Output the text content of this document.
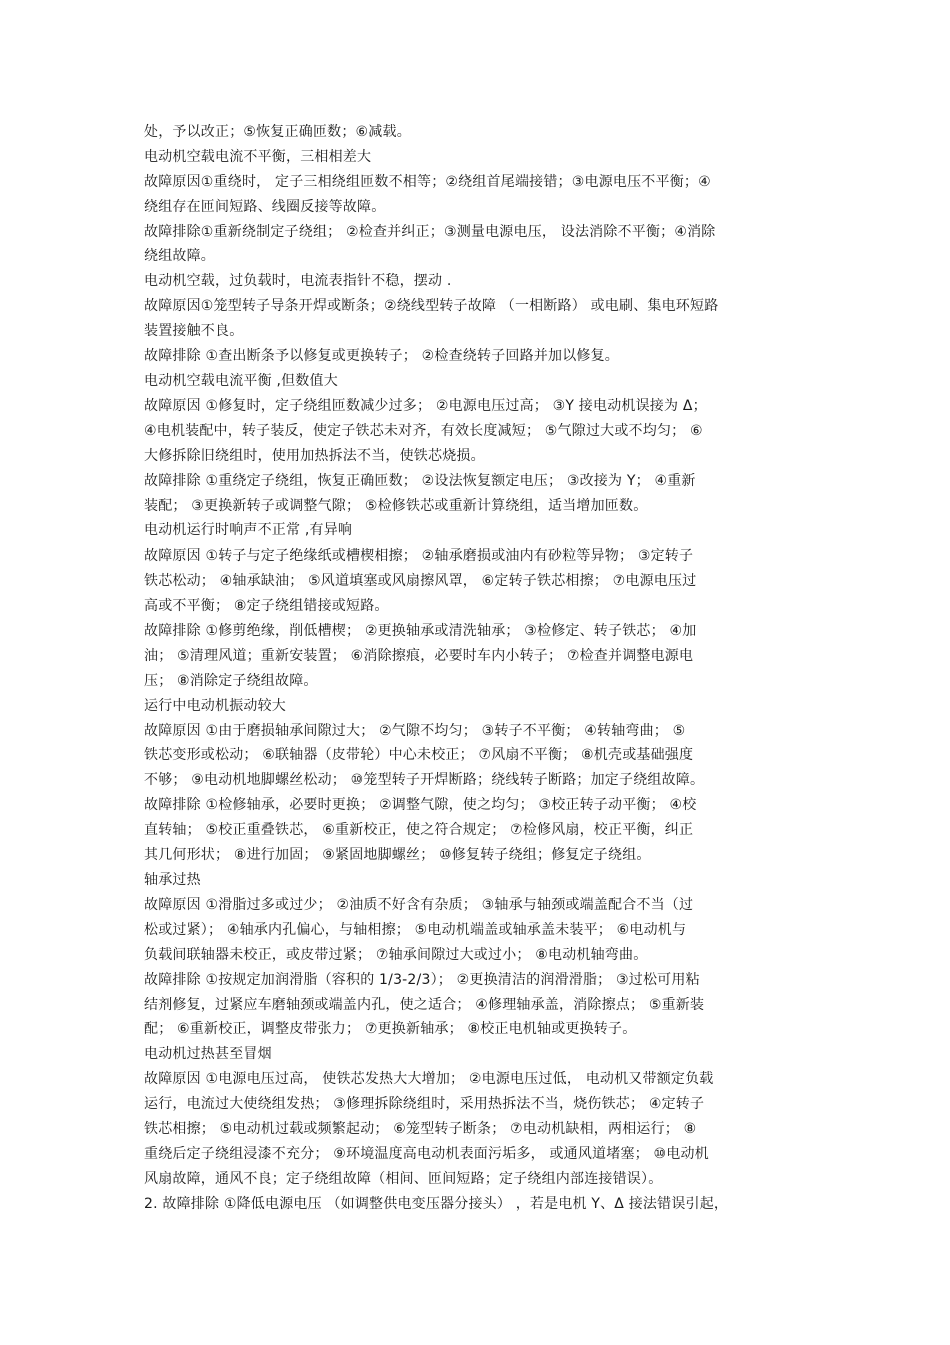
处，予以改正；⑤恢复正确匝数；⑥减载。
电动机空载电流不平衡，三相相差大
故障原因①重绕时， 定子三相绕组匝数不相等；②绕组首尾端接错；③电源电压不平衡；④
绕组存在匝间短路、线圈反接等故障。
故障排除①重新绕制定子绕组； ②检查并纠正；③测量电源电压， 设法消除不平衡；④消除
绕组故障。
电动机空载，过负载时，电流表指针不稳，摆动 .
故障原因①笼型转子导条开焊或断条；②绕线型转子故障 （一相断路） 或电刷、集电环短路
装置接触不良。
故障排除 ①查出断条予以修复或更换转子； ②检查绕转子回路并加以修复。
电动机空载电流平衡 ,但数值大
故障原因 ①修复时，定子绕组匝数减少过多； ②电源电压过高； ③Y 接电动机误接为 Δ；
④电机装配中，转子装反，使定子铁芯未对齐，有效长度减短； ⑤气隙过大或不均匀； ⑥
大修拆除旧绕组时，使用加热拆法不当，使铁芯烧损。
故障排除 ①重绕定子绕组，恢复正确匝数； ②设法恢复额定电压； ③改接为 Y； ④重新
装配； ③更换新转子或调整气隙； ⑤检修铁芯或重新计算绕组，适当增加匝数。
电动机运行时响声不正常 ,有异响
故障原因 ①转子与定子绝缘纸或槽楔相擦； ②轴承磨损或油内有砂粒等异物； ③定转子
铁芯松动； ④轴承缺油； ⑤风道填塞或风扇擦风罩， ⑥定转子铁芯相擦； ⑦电源电压过
高或不平衡； ⑧定子绕组错接或短路。
故障排除 ①修剪绝缘，削低槽楔； ②更换轴承或清洗轴承； ③检修定、转子铁芯； ④加
油； ⑤清理风道；重新安装置； ⑥消除擦痕，必要时车内小转子； ⑦检查并调整电源电
压； ⑧消除定子绕组故障。
运行中电动机振动较大
故障原因 ①由于磨损轴承间隙过大； ②气隙不均匀； ③转子不平衡； ④转轴弯曲； ⑤
铁芯变形或松动； ⑥联轴器（皮带轮）中心未校正； ⑦风扇不平衡； ⑧机壳或基础强度
不够； ⑨电动机地脚螺丝松动； ⑩笼型转子开焊断路；绕线转子断路；加定子绕组故障。
故障排除 ①检修轴承，必要时更换； ②调整气隙，使之均匀； ③校正转子动平衡； ④校
直转轴； ⑤校正重叠铁芯， ⑥重新校正，使之符合规定； ⑦检修风扇，校正平衡，纠正
其几何形状； ⑧进行加固； ⑨紧固地脚螺丝； ⑩修复转子绕组；修复定子绕组。
轴承过热
故障原因 ①滑脂过多或过少； ②油质不好含有杂质； ③轴承与轴颈或端盖配合不当（过
松或过紧）； ④轴承内孔偏心，与轴相擦； ⑤电动机端盖或轴承盖未装平； ⑥电动机与
负载间联轴器未校正，或皮带过紧； ⑦轴承间隙过大或过小； ⑧电动机轴弯曲。
故障排除 ①按规定加润滑脂（容积的 1/3-2/3）； ②更换清洁的润滑滑脂； ③过松可用粘
结剂修复，过紧应车磨轴颈或端盖内孔，使之适合； ④修理轴承盖，消除擦点； ⑤重新装
配； ⑥重新校正，调整皮带张力； ⑦更换新轴承； ⑧校正电机轴或更换转子。
电动机过热甚至冒烟
故障原因 ①电源电压过高， 使铁芯发热大大增加； ②电源电压过低， 电动机又带额定负载
运行，电流过大使绕组发热； ③修理拆除绕组时，采用热拆法不当，烧伤铁芯； ④定转子
铁芯相擦； ⑤电动机过载或频繁起动； ⑥笼型转子断条； ⑦电动机缺相，两相运行； ⑧
重绕后定子绕组浸漆不充分； ⑨环境温度高电动机表面污垢多， 或通风道堵塞； ⑩电动机
风扇故障，通风不良；定子绕组故障（相间、匝间短路；定子绕组内部连接错误）。
2. 故障排除 ①降低电源电压 （如调整供电变压器分接头） ，若是电机 Y、Δ 接法错误引起，
